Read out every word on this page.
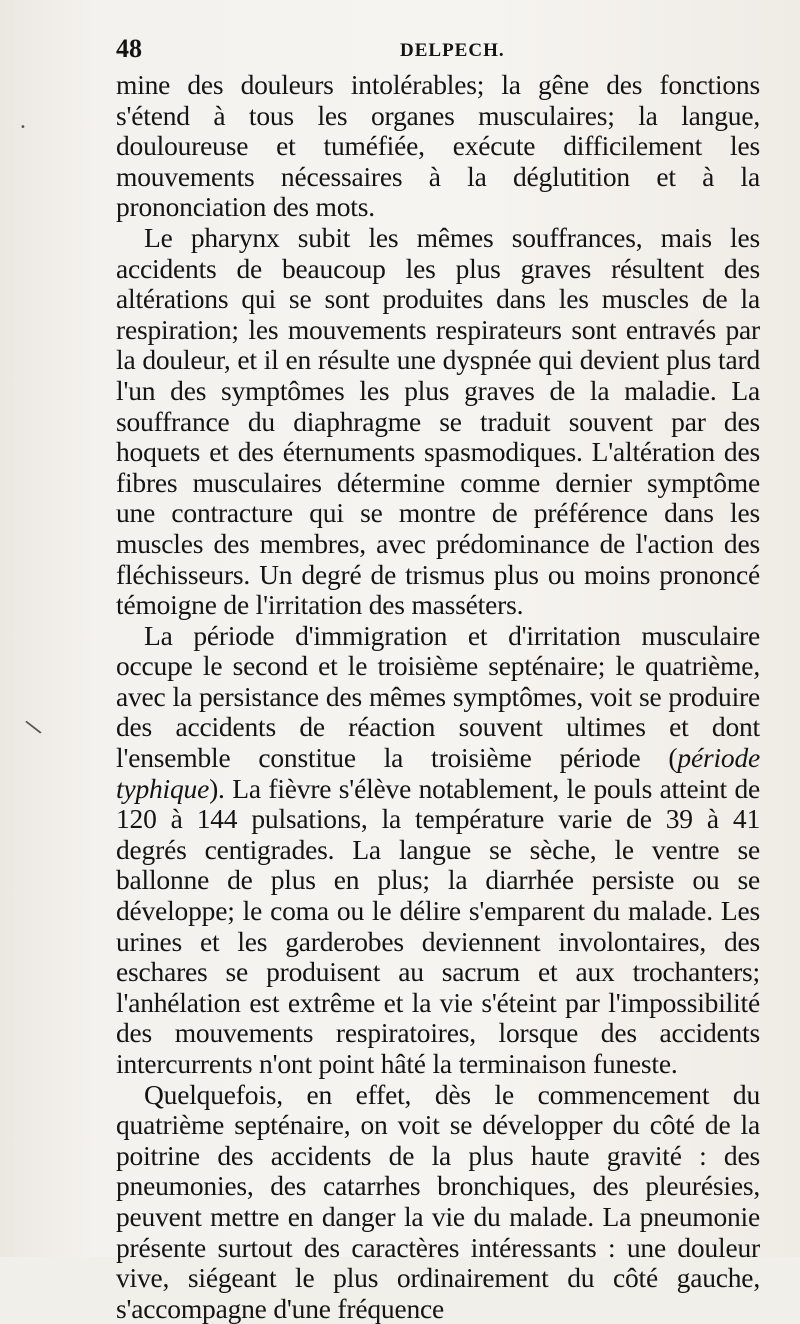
•
\
48	DELPECH.

mine des douleurs intolérables; la gêne des fonctions s'étend à tous les organes musculaires; la langue, douloureuse et tuméfiée, exécute difficilement les mouvements nécessaires à la déglutition et à la prononciation des mots.

Le pharynx subit les mêmes souffrances, mais les accidents de beaucoup les plus graves résultent des altérations qui se sont produites dans les muscles de la respiration; les mouvements respirateurs sont entravés par la douleur, et il en résulte une dyspnée qui devient plus tard l'un des symptômes les plus graves de la maladie. La souffrance du diaphragme se traduit souvent par des hoquets et des éternuments spasmodiques. L'altération des fibres musculaires détermine comme dernier symptôme une contracture qui se montre de préférence dans les muscles des membres, avec prédominance de l'action des fléchisseurs. Un degré de trismus plus ou moins prononcé témoigne de l'irritation des masséters.

La période d'immigration et d'irritation musculaire occupe le second et le troisième septénaire; le quatrième, avec la persistance des mêmes symptômes, voit se produire des accidents de réaction souvent ultimes et dont l'ensemble constitue la troisième période (période typhique). La fièvre s'élève notablement, le pouls atteint de 120 à 144 pulsations, la température varie de 39 à 41 degrés centigrades. La langue se sèche, le ventre se ballonne de plus en plus; la diarrhée persiste ou se développe; le coma ou le délire s'emparent du malade. Les urines et les garderobes deviennent involontaires, des eschares se produisent au sacrum et aux trochanters; l'anhélation est extrême et la vie s'éteint par l'impossibilité des mouvements respiratoires, lorsque des accidents intercurrents n'ont point hâté la terminaison funeste.

Quelquefois, en effet, dès le commencement du quatrième septénaire, on voit se développer du côté de la poitrine des accidents de la plus haute gravité : des pneumonies, des catarrhes bronchiques, des pleurésies, peuvent mettre en danger la vie du malade. La pneumonie présente surtout des caractères intéressants : une douleur vive, siégeant le plus ordinairement du côté gauche, s'accompagne d'une fréquence
